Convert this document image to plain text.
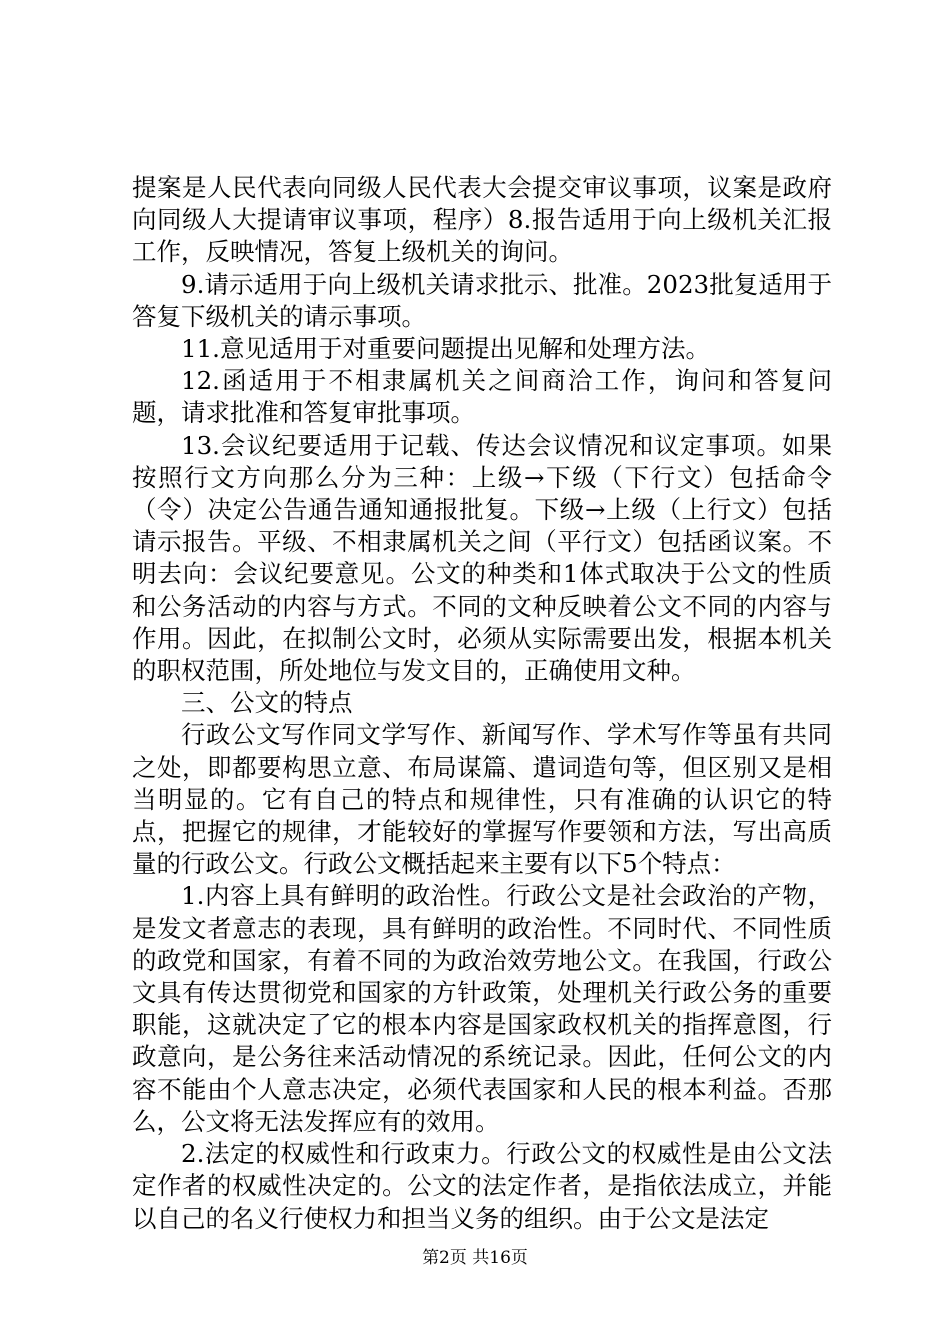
提案是人民代表向同级人民代表大会提交审议事项，议案是政府向同级人大提请审议事项，程序）8.报告适用于向上级机关汇报工作，反映情况，答复上级机关的询问。

9.请示适用于向上级机关请求批示、批准。2023批复适用于答复下级机关的请示事项。

11.意见适用于对重要问题提出见解和处理方法。

12.函适用于不相隶属机关之间商洽工作，询问和答复问题，请求批准和答复审批事项。

13.会议纪要适用于记载、传达会议情况和议定事项。如果按照行文方向那么分为三种：上级→下级（下行文）包括命令（令）决定公告通告通知通报批复。下级→上级（上行文）包括请示报告。平级、不相隶属机关之间（平行文）包括函议案。不明去向：会议纪要意见。公文的种类和1体式取决于公文的性质和公务活动的内容与方式。不同的文种反映着公文不同的内容与作用。因此，在拟制公文时，必须从实际需要出发，根据本机关的职权范围，所处地位与发文目的，正确使用文种。

三、公文的特点

行政公文写作同文学写作、新闻写作、学术写作等虽有共同之处，即都要构思立意、布局谋篇、遣词造句等，但区别又是相当明显的。它有自己的特点和规律性，只有准确的认识它的特点，把握它的规律，才能较好的掌握写作要领和方法，写出高质量的行政公文。行政公文概括起来主要有以下5个特点：

1.内容上具有鲜明的政治性。行政公文是社会政治的产物，是发文者意志的表现，具有鲜明的政治性。不同时代、不同性质的政党和国家，有着不同的为政治效劳地公文。在我国，行政公文具有传达贯彻党和国家的方针政策，处理机关行政公务的重要职能，这就决定了它的根本内容是国家政权机关的指挥意图，行政意向，是公务往来活动情况的系统记录。因此，任何公文的内容不能由个人意志决定，必须代表国家和人民的根本利益。否那么，公文将无法发挥应有的效用。

2.法定的权威性和行政束力。行政公文的权威性是由公文法定作者的权威性决定的。公文的法定作者，是指依法成立，并能以自己的名义行使权力和担当义务的组织。由于公文是法定

第2页 共16页
